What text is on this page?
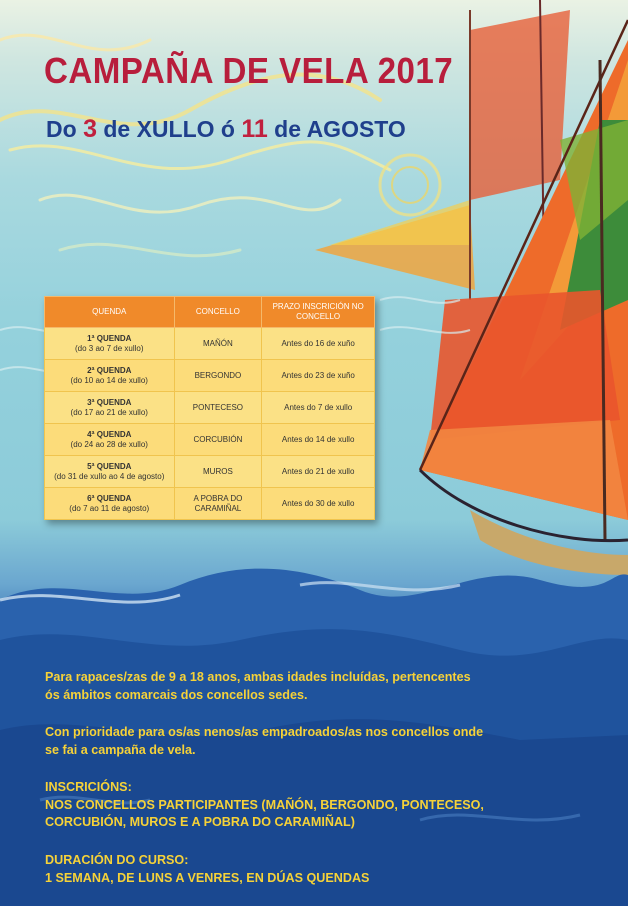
CAMPAÑA DE VELA 2017
Do 3 de XULLO ó 11 de AGOSTO
QUENDA	CONCELLO	PRAZO INSCRICIÓN NO CONCELLO

1ª QUENDA
(do 3 ao 7 de xullo)	MAÑÓN	Antes do 16 de xuño

2ª QUENDA
(do 10 ao 14 de xullo)	BERGONDO	Antes do 23 de xuño

3ª QUENDA
(do 17 ao 21 de xullo)	PONTECESO	Antes do 7 de xullo

4ª QUENDA
(do 24 ao 28 de xullo)	CORCUBIÓN	Antes do 14 de xullo

5ª QUENDA
(do 31 de xullo ao 4 de agosto)	MUROS	Antes do 21 de xullo

6ª QUENDA
(do 7 ao 11 de agosto)	A POBRA DO CARAMIÑAL	Antes do 30 de xullo
Para rapaces/zas de 9 a 18 anos, ambas idades incluídas, pertencentes
ós ámbitos comarcais dos concellos sedes.
Con prioridade para os/as nenos/as empadroados/as nos concellos onde
se fai a campaña de vela.
INSCRICIÓNS:
NOS CONCELLOS PARTICIPANTES (MAÑÓN, BERGONDO, PONTECESO,
CORCUBIÓN, MUROS E A POBRA DO CARAMIÑAL)
DURACIÓN DO CURSO:
1 SEMANA, DE LUNS A VENRES, EN DÚAS QUENDAS
